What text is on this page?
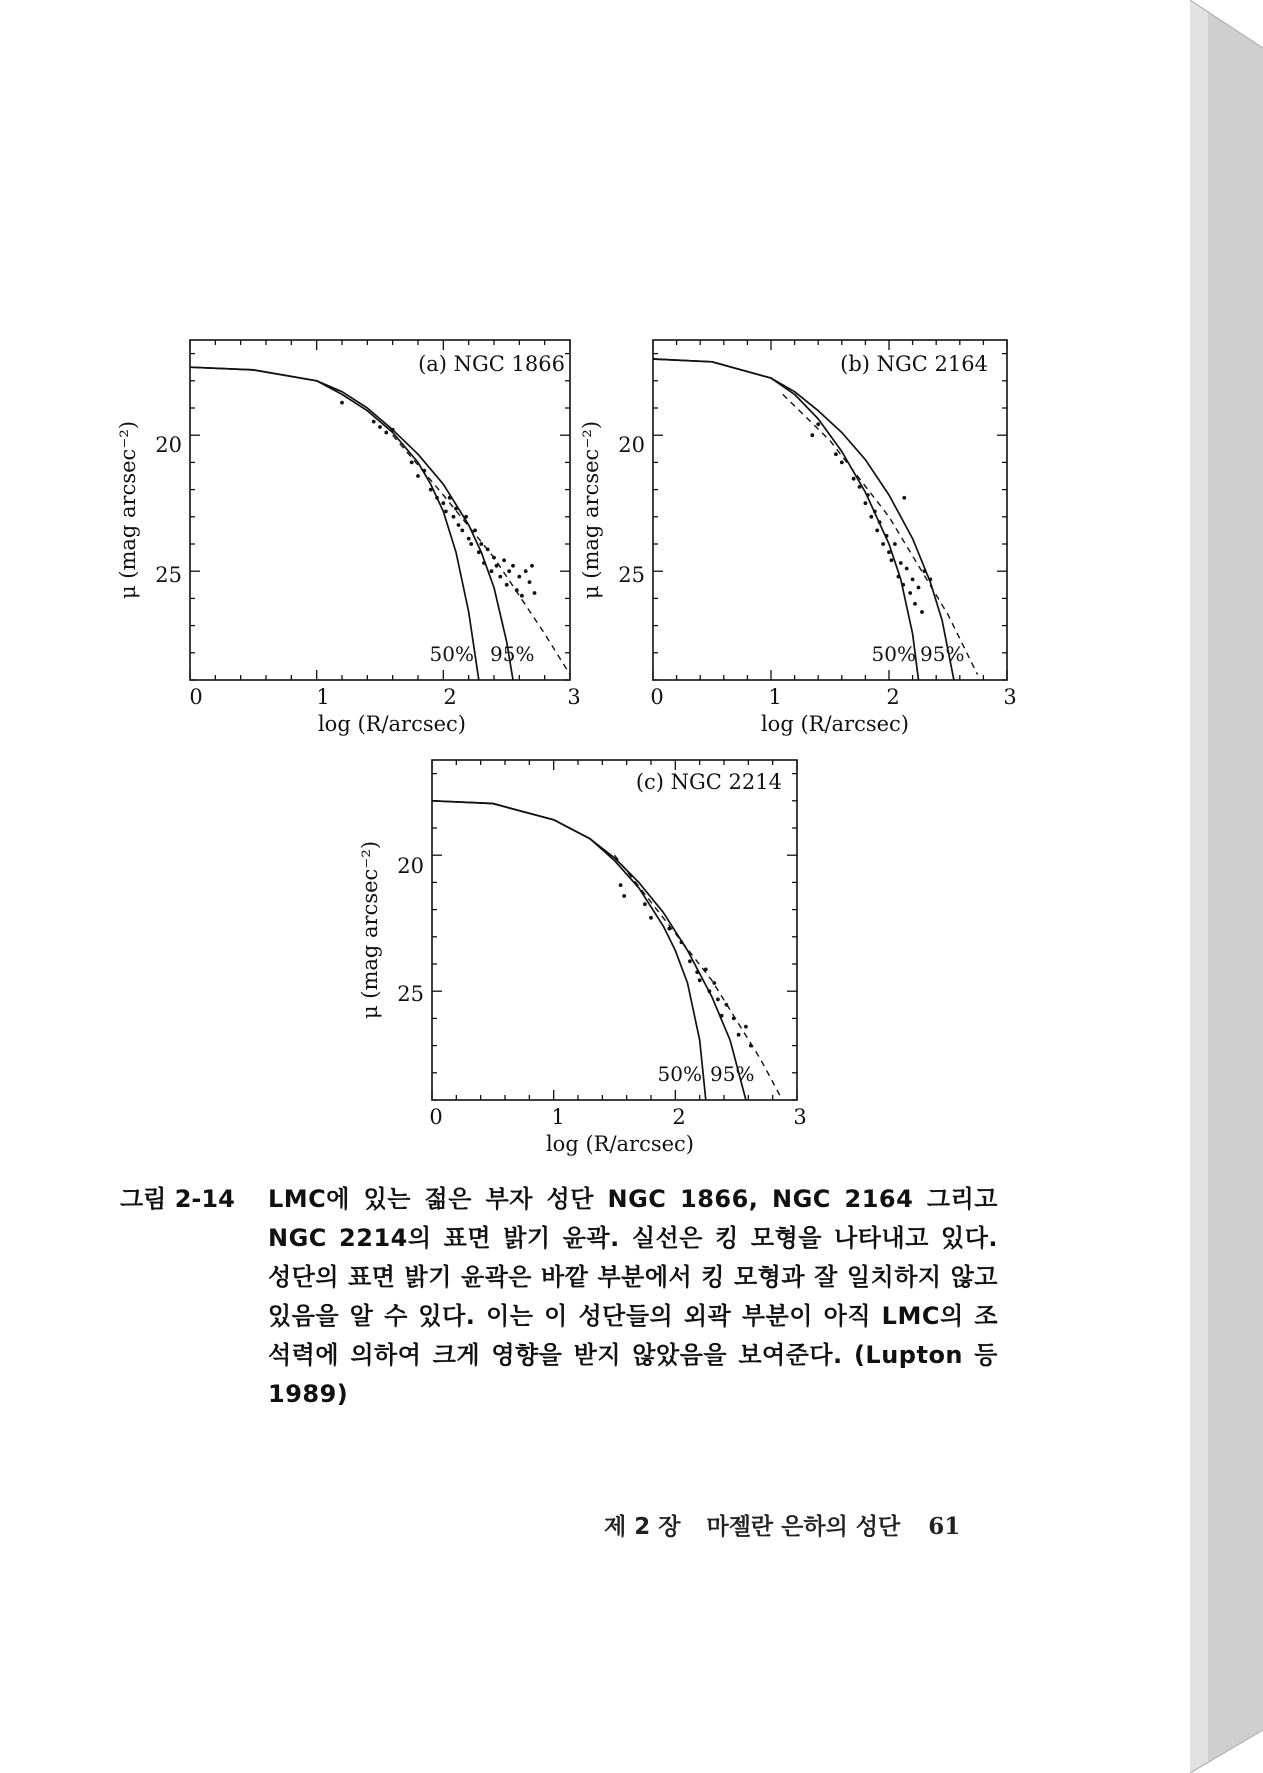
(a) NGC 1866
0	1	2	3
20
25
log (R/arcsec)
μ (mag arcsec⁻²)
50% 95%
(b) NGC 2164
0	1	2	3
20
25
log (R/arcsec)
μ (mag arcsec⁻²)
50% 95%
(c) NGC 2214
0	1	2	3
20
25
log (R/arcsec)
μ (mag arcsec⁻²)
50% 95%
그림 2-14	LMC에 있는 젊은 부자 성단 NGC 1866, NGC 2164 그리고 NGC 2214의 표면 밝기 윤곽. 실선은 킹 모형을 나타내고 있다. 성단의 표면 밝기 윤곽은 바깥 부분에서 킹 모형과 잘 일치하지 않고 있음을 알 수 있다. 이는 이 성단들의 외곽 부분이 아직 LMC의 조석력에 의하여 크게 영향을 받지 않았음을 보여준다. (Lupton 등 1989)
제 2 장 마젤란 은하의 성단 61
